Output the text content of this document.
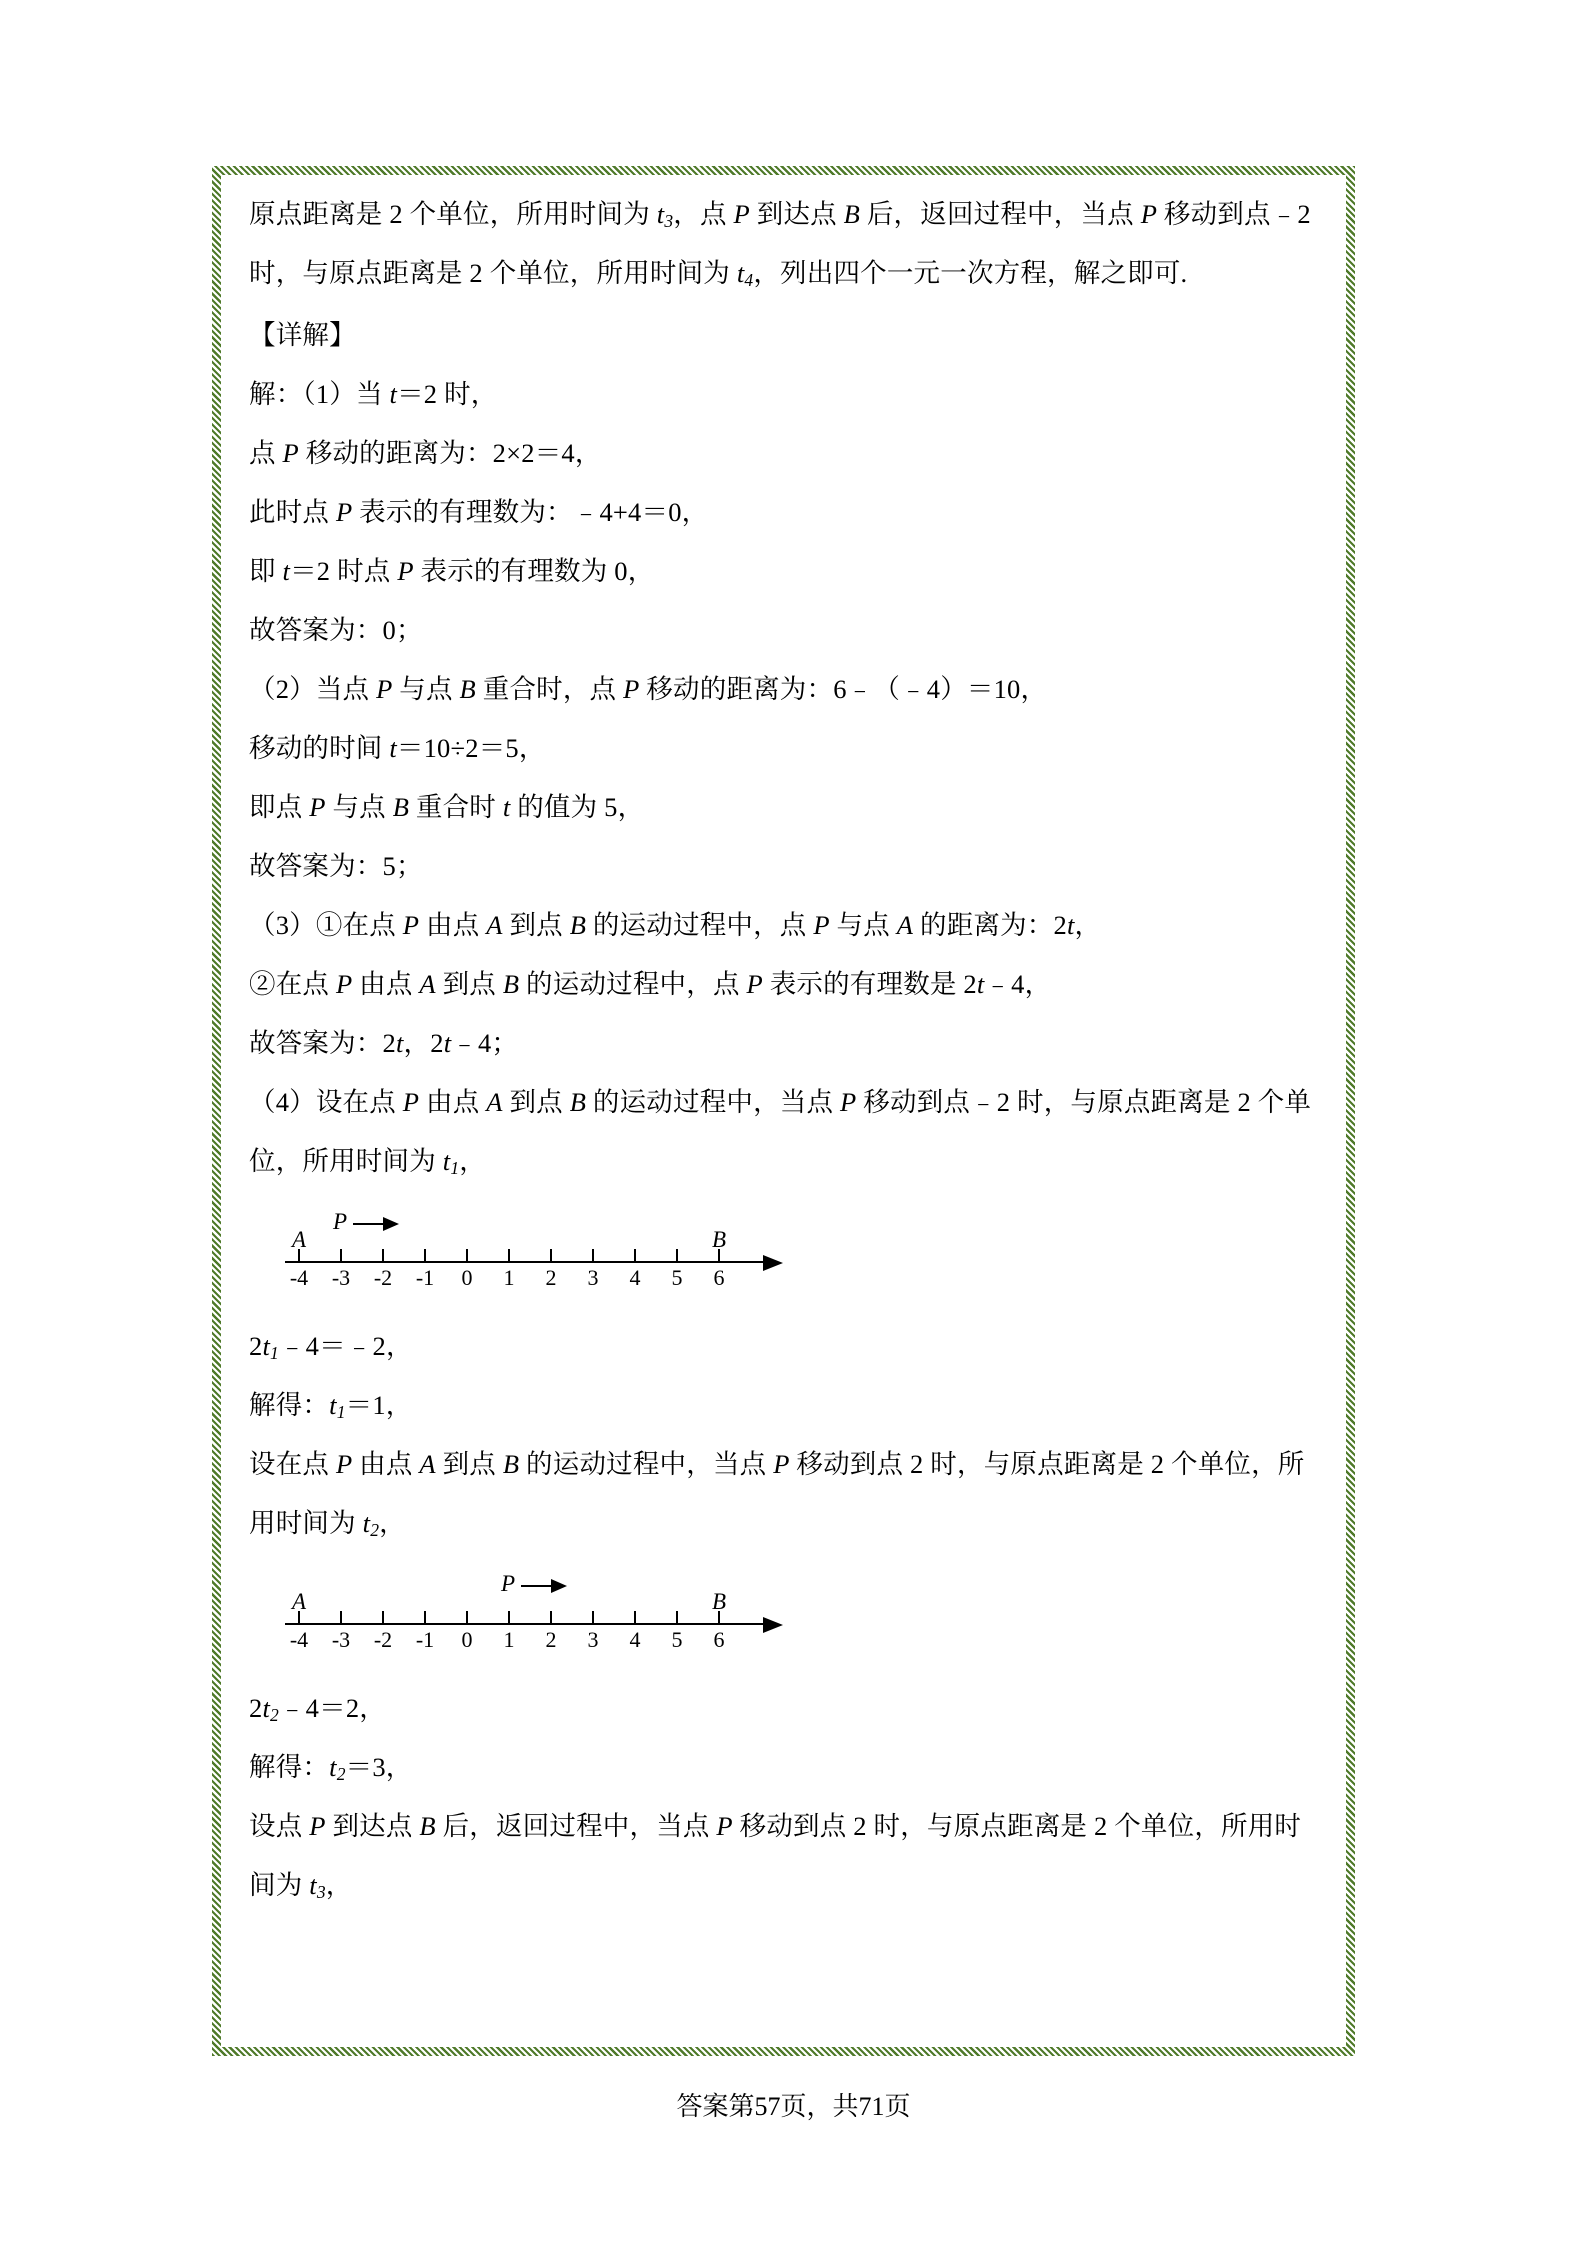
原点距离是 2 个单位，所用时间为 $t_3$，点 P 到达点 B 后，返回过程中，当点 P 移动到点﹣2
时，与原点距离是 2 个单位，所用时间为 $t_4$，列出四个一元一次方程，解之即可.
【详解】
解：（1）当 t＝2 时，
点 P 移动的距离为：2×2＝4，
此时点 P 表示的有理数为：﹣4+4＝0，
即 t＝2 时点 P 表示的有理数为 0，
故答案为：0；
（2）当点 P 与点 B 重合时，点 P 移动的距离为：6﹣（﹣4）＝10，
移动的时间 t＝10÷2＝5，
即点 P 与点 B 重合时 t 的值为 5，
故答案为：5；
（3）①在点 P 由点 A 到点 B 的运动过程中，点 P 与点 A 的距离为：2t，
②在点 P 由点 A 到点 B 的运动过程中，点 P 表示的有理数是 2t﹣4，
故答案为：2t，2t﹣4；
（4）设在点 P 由点 A 到点 B 的运动过程中，当点 P 移动到点﹣2 时，与原点距离是 2 个单
位，所用时间为 $t_1$，
$2t_1﹣4=﹣2$，
解得：$t_1=1$，
设在点 P 由点 A 到点 B 的运动过程中，当点 P 移动到点 2 时，与原点距离是 2 个单位，所
用时间为 $t_2$，
$2t_2﹣4=2$，
解得：$t_2=3$，
设点 P 到达点 B 后，返回过程中，当点 P 移动到点 2 时，与原点距离是 2 个单位，所用时
间为 $t_3$，
-4 -3 -2 -1 0 1 2 3 4 5 6
A	B
P
-4 -3 -2 -1 0 1 2 3 4 5 6
A	B
P
答案第57页，共71页
